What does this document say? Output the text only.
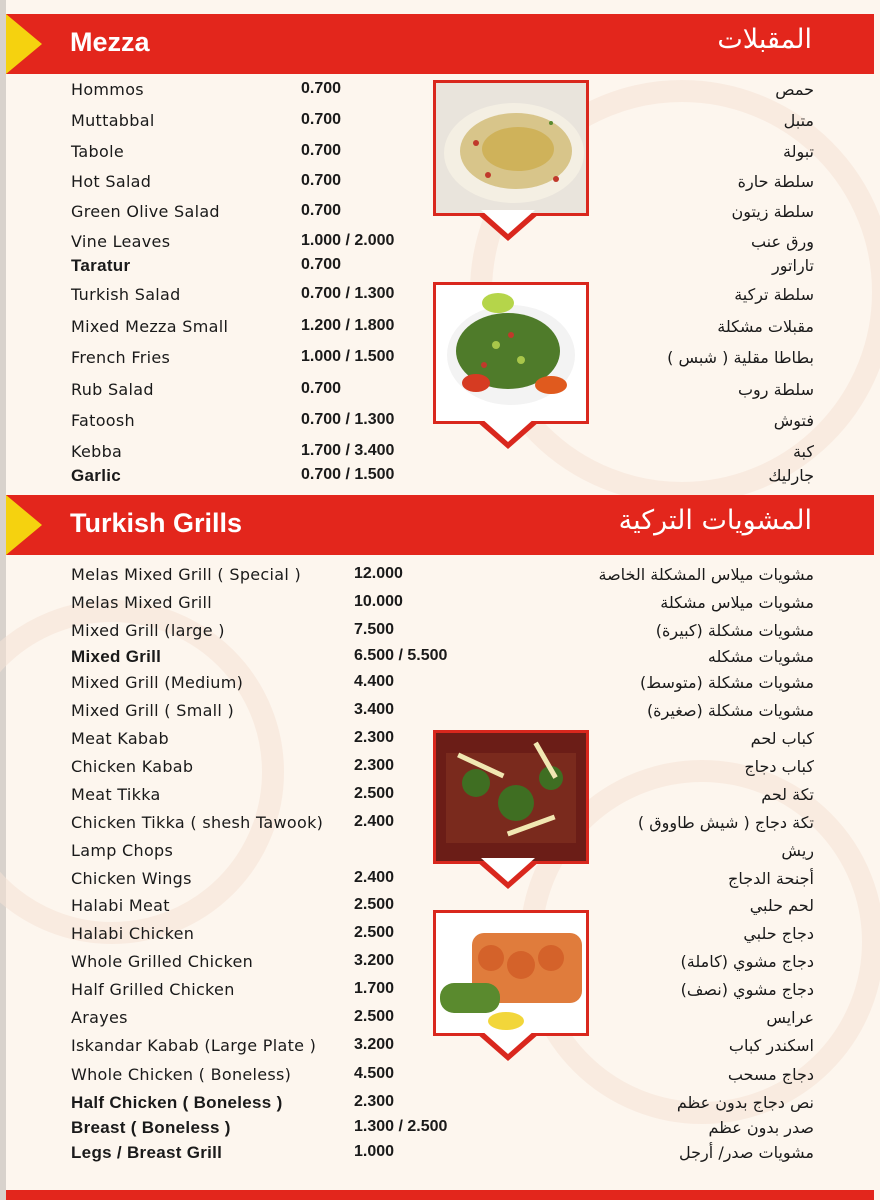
Mezza	المقبلات
Hommos	0.700	حمص
Muttabbal	0.700	متبل
Tabole	0.700	تبولة
Hot Salad	0.700	سلطة حارة
Green Olive Salad	0.700	سلطة زيتون
Vine Leaves	1.000 / 2.000	ورق عنب
Taratur	0.700	تاراتور
Turkish Salad	0.700 / 1.300	سلطة تركية
Mixed Mezza Small	1.200 / 1.800	مقبلات مشكلة
French Fries	1.000 / 1.500	بطاطا مقلية ( شبس )
Rub Salad	0.700	سلطة روب
Fatoosh	0.700 / 1.300	فتوش
Kebba	1.700 / 3.400	كبة
Garlic	0.700 / 1.500	جارليك
Turkish Grills	المشويات التركية
Melas Mixed Grill ( Special )	12.000	مشويات ميلاس المشكلة الخاصة
Melas Mixed Grill	10.000	مشويات ميلاس مشكلة
Mixed Grill (large )	7.500	مشويات مشكلة (كبيرة)
Mixed Grill	6.500 / 5.500	مشويات مشكله
Mixed Grill (Medium)	4.400	مشويات مشكلة (متوسط)
Mixed Grill ( Small )	3.400	مشويات مشكلة (صغيرة)
Meat Kabab	2.300	كباب لحم
Chicken Kabab	2.300	كباب دجاج
Meat Tikka	2.500	تكة لحم
Chicken Tikka ( shesh Tawook) 2.400	تكة دجاج ( شيش طاووق )
Lamp Chops	ريش
Chicken Wings	2.400	أجنحة الدجاج
Halabi Meat	2.500	لحم حلبي
Halabi Chicken	2.500	دجاج حلبي
Whole Grilled Chicken	3.200	دجاج مشوي (كاملة)
Half Grilled Chicken	1.700	دجاج مشوي (نصف)
Arayes	2.500	عرايس
Iskandar Kabab (Large Plate ) 3.200	اسكندر كباب
Whole Chicken ( Boneless)	4.500	دجاج مسحب
Half Chicken ( Boneless )	2.300	نص دجاج بدون عظم
Breast ( Boneless )	1.300 / 2.500	صدر بدون عظم
Legs / Breast Grill	1.000	مشويات صدر/ أرجل
